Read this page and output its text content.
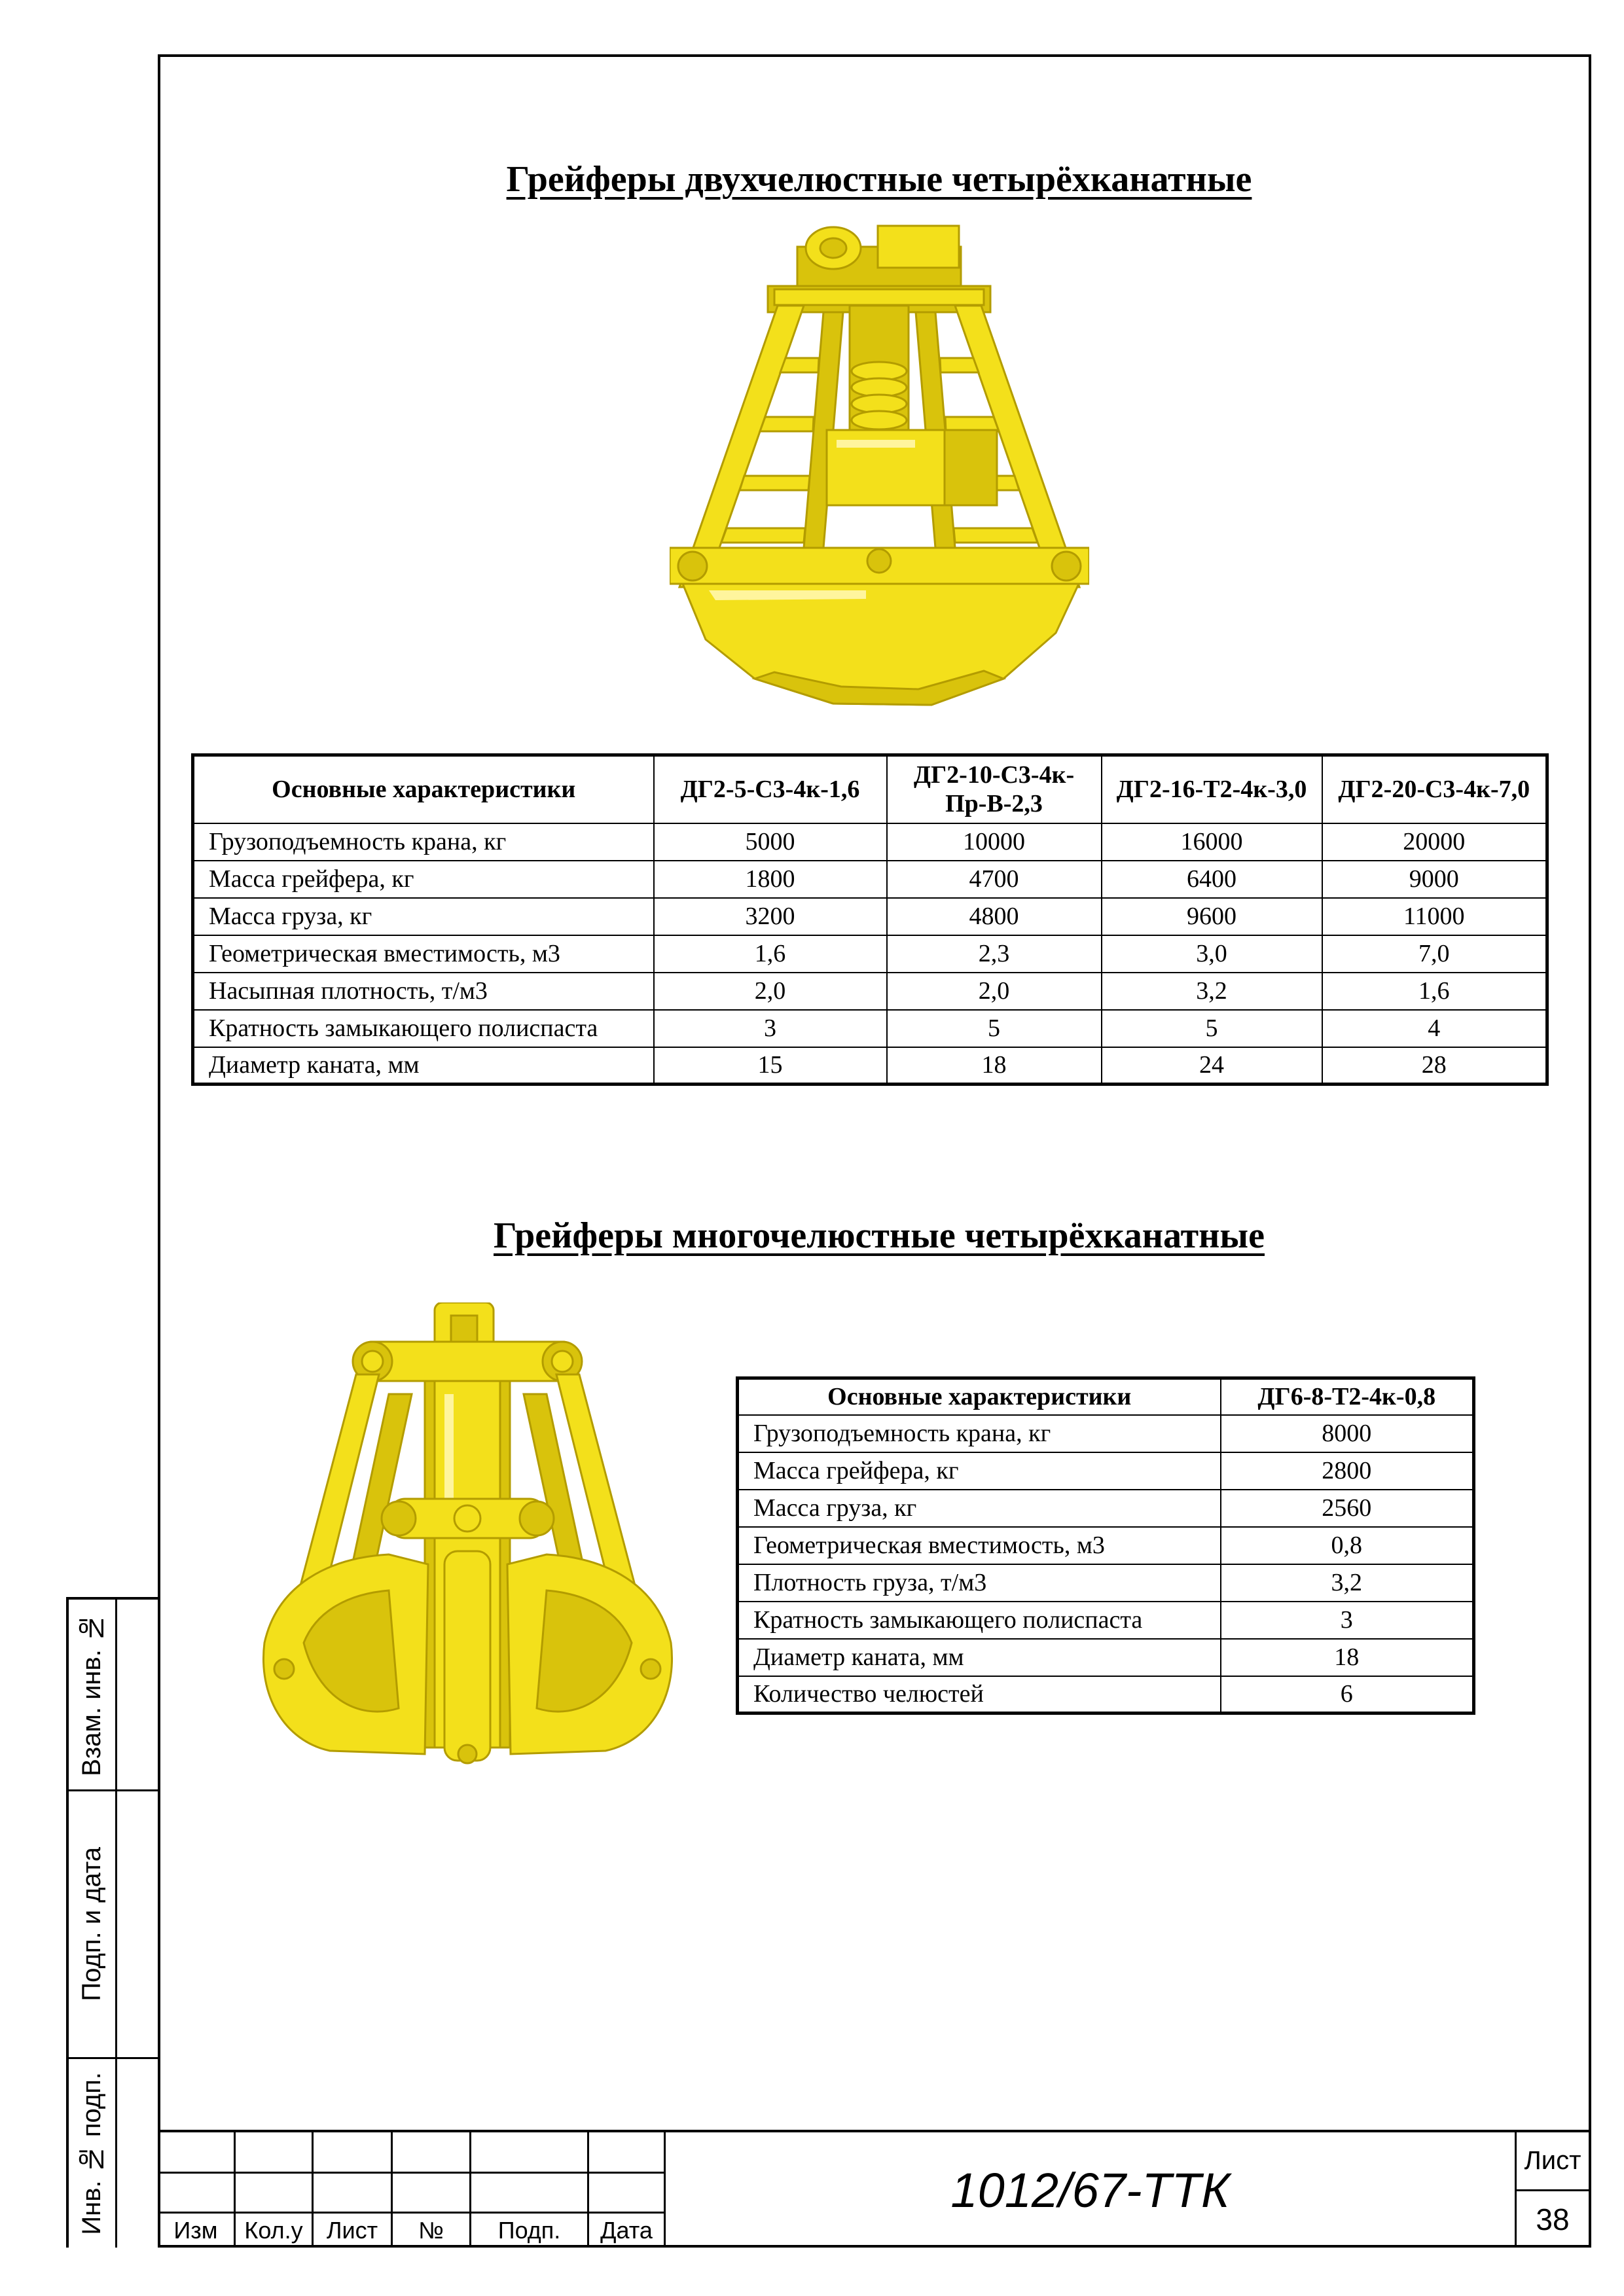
Грейферы двухчелюстные четырёхканатные
Основные характеристики	ДГ2-5-С3-4к-1,6	ДГ2-10-С3-4к-Пр-В-2,3	ДГ2-16-Т2-4к-3,0	ДГ2-20-С3-4к-7,0
Грузоподъемность крана, кг	5000	10000	16000	20000
Масса грейфера, кг	1800	4700	6400	9000
Масса груза, кг	3200	4800	9600	11000
Геометрическая вместимость, м3	1,6	2,3	3,0	7,0
Насыпная плотность, т/м3	2,0	2,0	3,2	1,6
Кратность замыкающего полиспаста	3	5	5	4
Диаметр каната, мм	15	18	24	28
Грейферы многочелюстные четырёхканатные
Основные характеристики	ДГ6-8-Т2-4к-0,8
Грузоподъемность крана, кг	8000
Масса грейфера, кг	2800
Масса груза, кг	2560
Геометрическая вместимость, м3	0,8
Плотность груза, т/м3	3,2
Кратность замыкающего полиспаста	3
Диаметр каната, мм	18
Количество челюстей	6
Взам. инв. №
Подп. и дата
Инв. № подп.	Изм	Кол.у	Лист	№	Подп.	Дата
1012/67-ТТК
Лист
38
